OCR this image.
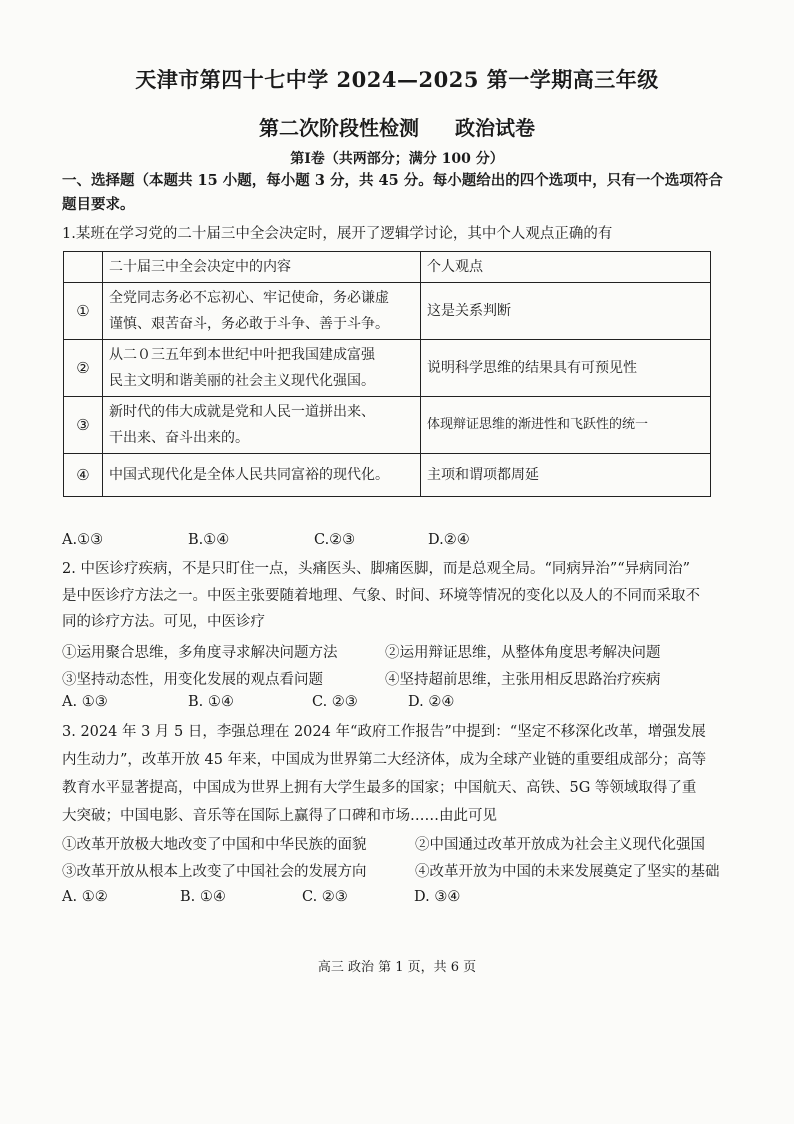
天津市第四十七中学 2024—2025 第一学期高三年级
第二次阶段性检测 政治试卷
第Ⅰ卷（共两部分；满分 100 分）
一、选择题（本题共 15 小题，每小题 3 分，共 45 分。每小题给出的四个选项中，只有一个选项符合
题目要求。
1.某班在学习党的二十届三中全会决定时，展开了逻辑学讨论，其中个人观点正确的有
	二十届三中全会决定中的内容	个人观点
①	全党同志务必不忘初心、牢记使命，务必谦虚
谨慎、艰苦奋斗，务必敢于斗争、善于斗争。	这是关系判断
②	从二０三五年到本世纪中叶把我国建成富强
民主文明和谐美丽的社会主义现代化强国。	说明科学思维的结果具有可预见性
③	新时代的伟大成就是党和人民一道拼出来、
干出来、奋斗出来的。	体现辩证思维的渐进性和飞跃性的统一
④	中国式现代化是全体人民共同富裕的现代化。	主项和谓项都周延
A.①③	B.①④	C.②③	D.②④
2. 中医诊疗疾病，不是只盯住一点，头痛医头、脚痛医脚，而是总观全局。“同病异治”“异病同治”
是中医诊疗方法之一。中医主张要随着地理、气象、时间、环境等情况的变化以及人的不同而采取不
同的诊疗方法。可见，中医诊疗
①运用聚合思维，多角度寻求解决问题方法	②运用辩证思维，从整体角度思考解决问题
③坚持动态性，用变化发展的观点看问题	④坚持超前思维，主张用相反思路治疗疾病
A. ①③	B. ①④	C. ②③	D. ②④
3. 2024 年 3 月 5 日，李强总理在 2024 年“政府工作报告”中提到：“坚定不移深化改革，增强发展
内生动力”，改革开放 45 年来，中国成为世界第二大经济体，成为全球产业链的重要组成部分；高等
教育水平显著提高，中国成为世界上拥有大学生最多的国家；中国航天、高铁、5G 等领域取得了重
大突破；中国电影、音乐等在国际上赢得了口碑和市场……由此可见
①改革开放极大地改变了中国和中华民族的面貌	②中国通过改革开放成为社会主义现代化强国
③改革开放从根本上改变了中国社会的发展方向	④改革开放为中国的未来发展奠定了坚实的基础
A. ①②	B. ①④	C. ②③	D. ③④
高三 政治 第 1 页，共 6 页
